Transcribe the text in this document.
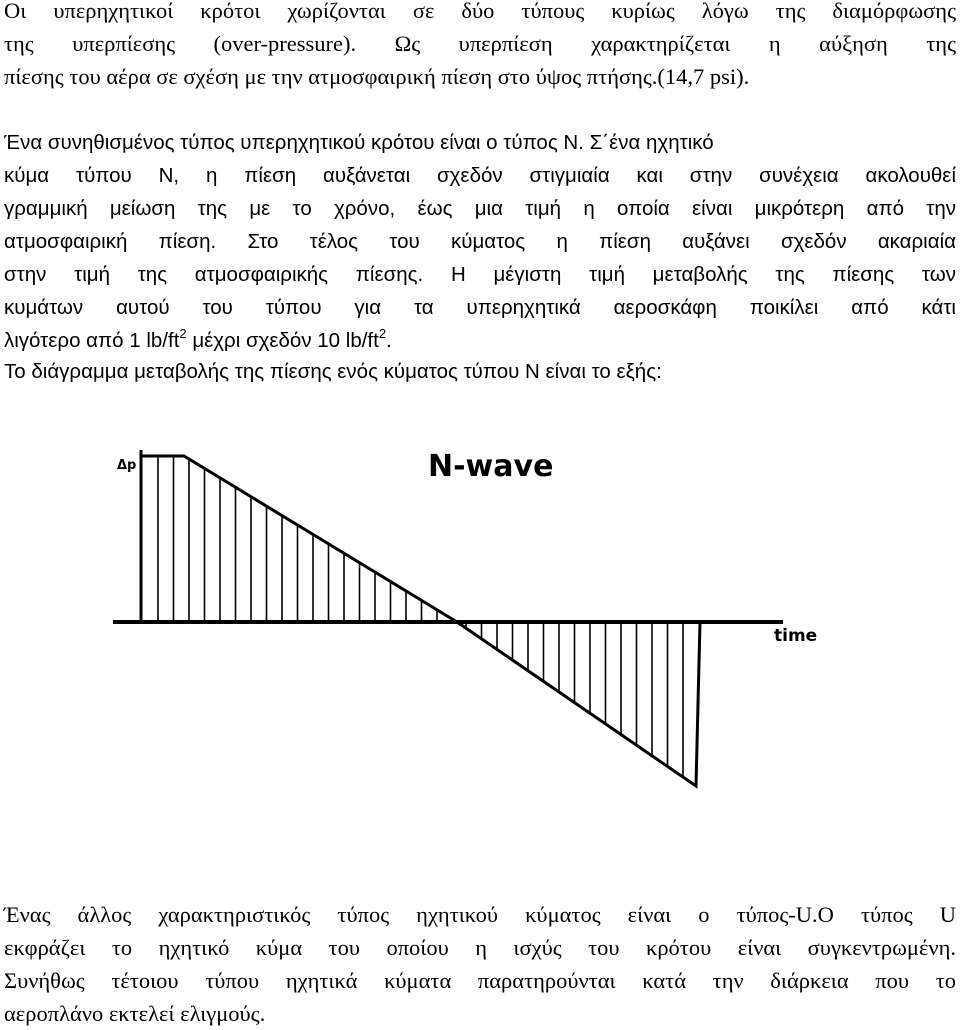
Οι υπερηχητικοί κρότοι χωρίζονται σε δύο τύπους κυρίως λόγω της διαμόρφωσης
της υπερπίεσης (over-pressure). Ως υπερπίεση χαρακτηρίζεται η αύξηση της
πίεσης του αέρα σε σχέση με την ατμοσφαιρική πίεση στο ύψος πτήσης.(14,7 psi).
Ένα συνηθισμένος τύπος υπερηχητικού κρότου είναι ο τύπος Ν. Σ΄ένα ηχητικό
κύμα τύπου Ν, η πίεση αυξάνεται σχεδόν στιγμιαία και στην συνέχεια ακολουθεί
γραμμική μείωση της με το χρόνο, έως μια τιμή η οποία είναι μικρότερη από την
ατμοσφαιρική πίεση. Στο τέλος του κύματος η πίεση αυξάνει σχεδόν ακαριαία
στην τιμή της ατμοσφαιρικής πίεσης. Η μέγιστη τιμή μεταβολής της πίεσης των
κυμάτων αυτού του τύπου για τα υπερηχητικά αεροσκάφη ποικίλει από κάτι
λιγότερο από 1 $lb/ft^2$ μέχρι σχεδόν 10 $lb/ft^2$.
Το διάγραμμα μεταβολής της πίεσης ενός κύματος τύπου Ν είναι το εξής:
Δp	N-wave
time
Ένας άλλος χαρακτηριστικός τύπος ηχητικού κύματος είναι ο τύπος-U.Ο τύπος U
εκφράζει το ηχητικό κύμα του οποίου η ισχύς του κρότου είναι συγκεντρωμένη.
Συνήθως τέτοιου τύπου ηχητικά κύματα παρατηρούνται κατά την διάρκεια που το
αεροπλάνο εκτελεί ελιγμούς.
